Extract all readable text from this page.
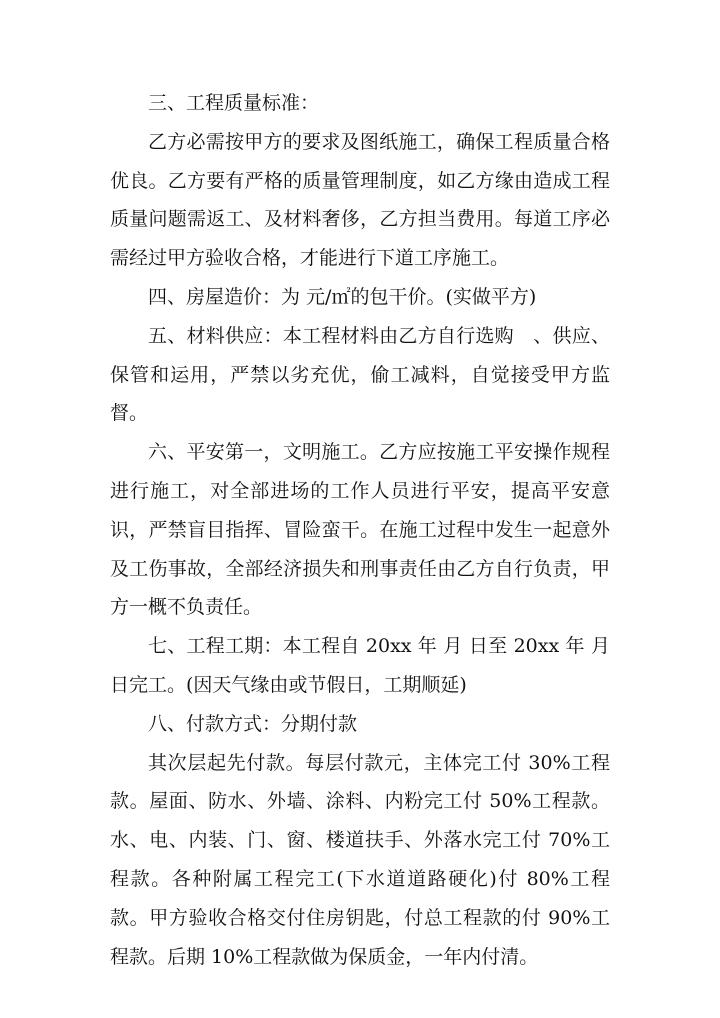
三、工程质量标准：

乙方必需按甲方的要求及图纸施工，确保工程质量合格优良。乙方要有严格的质量管理制度，如乙方缘由造成工程质量问题需返工、及材料奢侈，乙方担当费用。每道工序必需经过甲方验收合格，才能进行下道工序施工。

四、房屋造价：为 元/㎡的包干价。(实做平方)

五、材料供应：本工程材料由乙方自行选购　、供应、保管和运用，严禁以劣充优，偷工减料，自觉接受甲方监督。

六、平安第一，文明施工。乙方应按施工平安操作规程进行施工，对全部进场的工作人员进行平安，提高平安意识，严禁盲目指挥、冒险蛮干。在施工过程中发生一起意外及工伤事故，全部经济损失和刑事责任由乙方自行负责，甲方一概不负责任。

七、工程工期：本工程自 20xx 年 月 日至 20xx 年 月日完工。(因天气缘由或节假日，工期顺延)

八、付款方式：分期付款

其次层起先付款。每层付款元，主体完工付 30%工程款。屋面、防水、外墙、涂料、内粉完工付 50%工程款。水、电、内装、门、窗、楼道扶手、外落水完工付 70%工程款。各种附属工程完工(下水道道路硬化)付 80%工程款。甲方验收合格交付住房钥匙，付总工程款的付 90%工程款。后期 10%工程款做为保质金，一年内付清。
